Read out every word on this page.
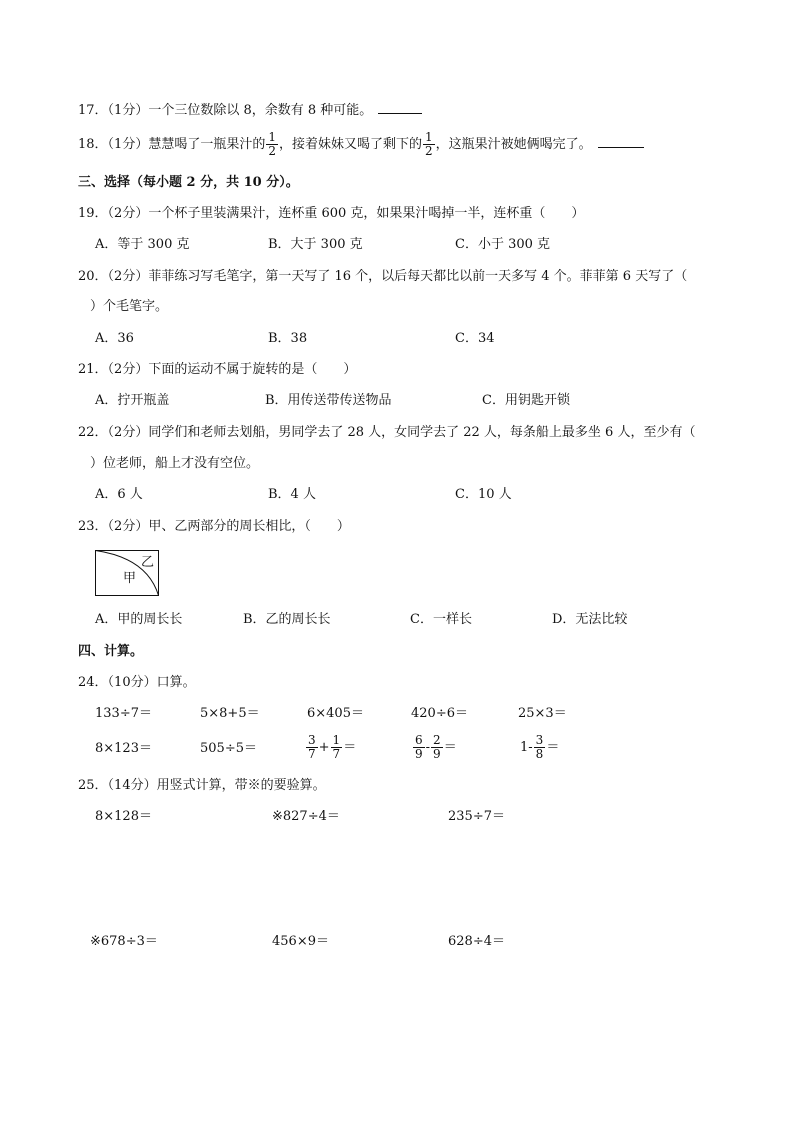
17．（1分）一个三位数除以 8，余数有 8 种可能。
18．（1分）慧慧喝了一瓶果汁的 $\frac{1}{2}$ ，接着妹妹又喝了剩下的 $\frac{1}{2}$ ，这瓶果汁被她俩喝完了。
三、选择（每小题 2 分，共 10 分）。
19．（2分）一个杯子里装满果汁，连杯重 600 克，如果果汁喝掉一半，连杯重（　　）
A．等于 300 克	B．大于 300 克	C．小于 300 克
20．（2分）菲菲练习写毛笔字，第一天写了 16 个，以后每天都比以前一天多写 4 个。菲菲第 6 天写了（
）个毛笔字。
A．36	B．38	C．34
21．（2分）下面的运动不属于旋转的是（　　）
A．拧开瓶盖	B．用传送带传送物品	C．用钥匙开锁
22．（2分）同学们和老师去划船，男同学去了 28 人，女同学去了 22 人，每条船上最多坐 6 人，至少有（
）位老师，船上才没有空位。
A．6 人	B．4 人	C．10 人
23．（2分）甲、乙两部分的周长相比，（　　）
甲
乙
A．甲的周长长	B．乙的周长长	C．一样长	D．无法比较
四、计算。
24．（10分）口算。
133÷7＝	5×8+5＝	6×405＝	420÷6＝	25×3＝
8×123＝	505÷5＝	$\frac{3}{7} + \frac{1}{7}$ ＝	$\frac{6}{9} - \frac{2}{9}$ ＝	$1- \frac{3}{8}$ ＝
25．（14分）用竖式计算，带※的要验算。
8×128＝	※827÷4＝	235÷7＝
※678÷3＝	456×9＝	628÷4＝
